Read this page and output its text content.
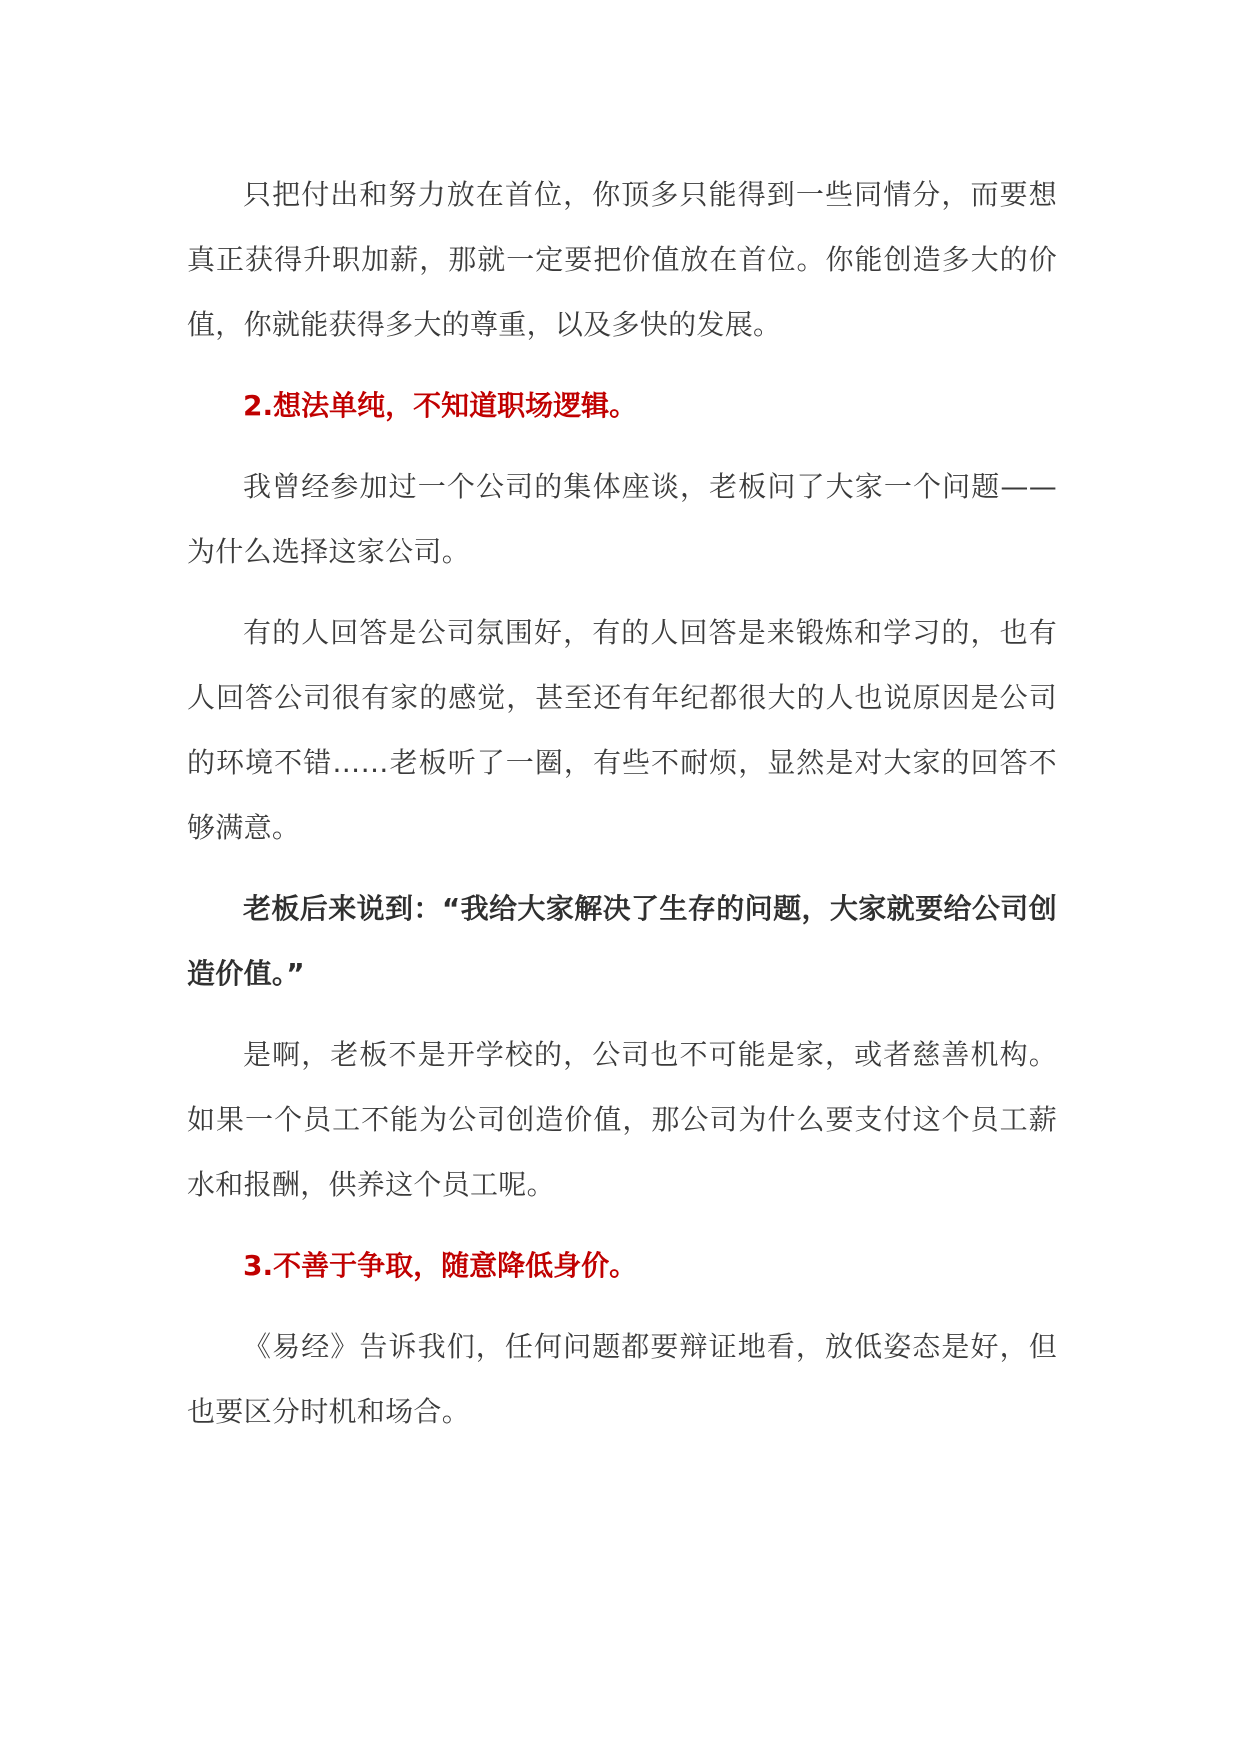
只把付出和努力放在首位，你顶多只能得到一些同情分，而要想真正获得升职加薪，那就一定要把价值放在首位。你能创造多大的价值，你就能获得多大的尊重，以及多快的发展。

2.想法单纯，不知道职场逻辑。

我曾经参加过一个公司的集体座谈，老板问了大家一个问题——为什么选择这家公司。

有的人回答是公司氛围好，有的人回答是来锻炼和学习的，也有人回答公司很有家的感觉，甚至还有年纪都很大的人也说原因是公司的环境不错……老板听了一圈，有些不耐烦，显然是对大家的回答不够满意。

老板后来说到：“我给大家解决了生存的问题，大家就要给公司创造价值。”

是啊，老板不是开学校的，公司也不可能是家，或者慈善机构。如果一个员工不能为公司创造价值，那公司为什么要支付这个员工薪水和报酬，供养这个员工呢。

3.不善于争取，随意降低身价。

《易经》告诉我们，任何问题都要辩证地看，放低姿态是好，但也要区分时机和场合。
